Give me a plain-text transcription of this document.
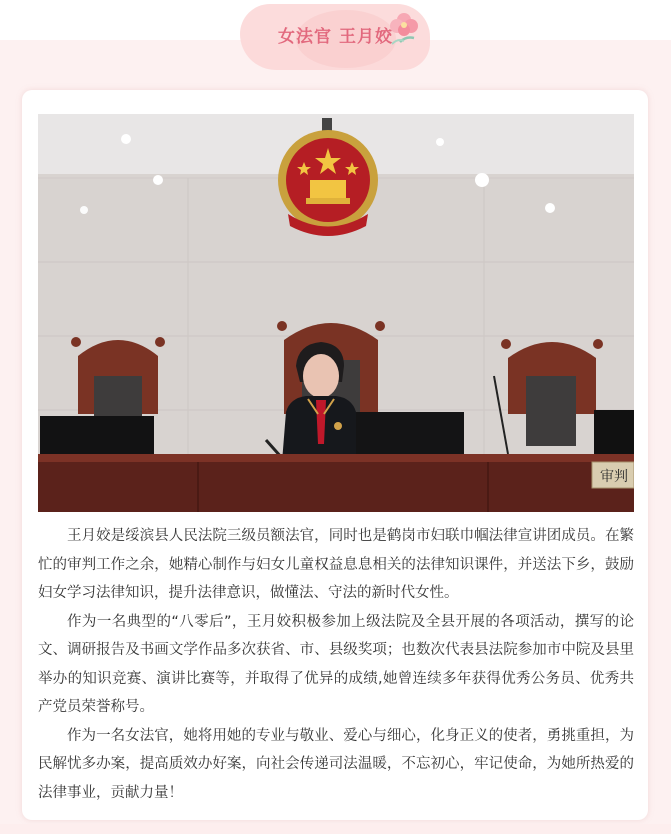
女法官 王月姣
审判

王月姣是绥滨县人民法院三级员额法官，同时也是鹤岗市妇联巾帼法律宣讲团成员。在繁忙的审判工作之余，她精心制作与妇女儿童权益息息相关的法律知识课件，并送法下乡，鼓励妇女学习法律知识，提升法律意识，做懂法、守法的新时代女性。

作为一名典型的“八零后”，王月姣积极参加上级法院及全县开展的各项活动，撰写的论文、调研报告及书画文学作品多次获省、市、县级奖项；也数次代表县法院参加市中院及县里举办的知识竞赛、演讲比赛等，并取得了优异的成绩,她曾连续多年获得优秀公务员、优秀共产党员荣誉称号。

作为一名女法官，她将用她的专业与敬业、爱心与细心，化身正义的使者，勇挑重担，为民解忧多办案，提高质效办好案，向社会传递司法温暖，不忘初心，牢记使命，为她所热爱的法律事业，贡献力量！
